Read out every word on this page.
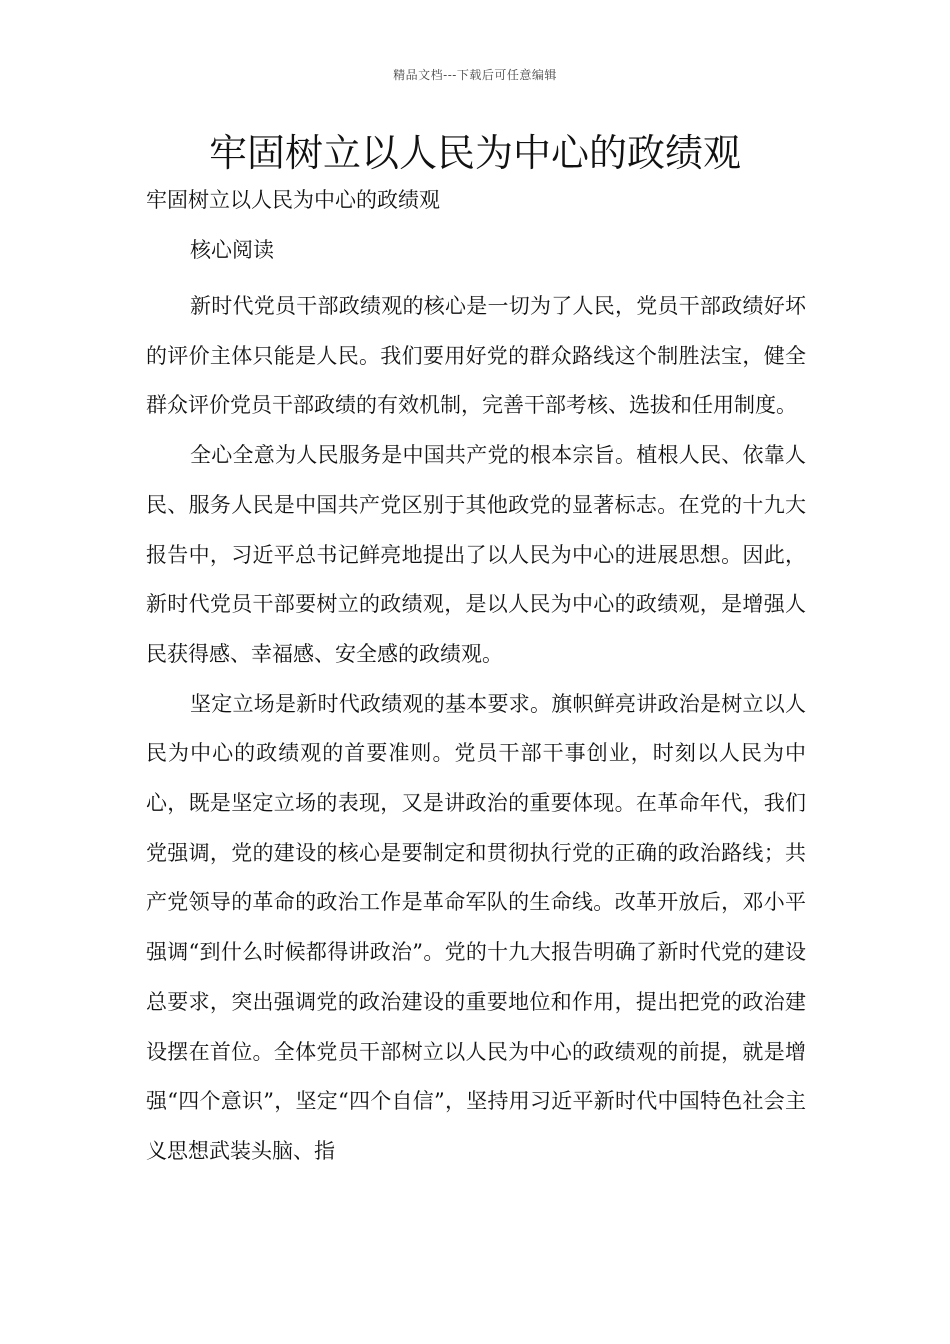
精品文档---下载后可任意编辑
牢固树立以人民为中心的政绩观
牢固树立以人民为中心的政绩观
核心阅读

新时代党员干部政绩观的核心是一切为了人民，党员干部政绩好坏的评价主体只能是人民。我们要用好党的群众路线这个制胜法宝，健全群众评价党员干部政绩的有效机制，完善干部考核、选拔和任用制度。

全心全意为人民服务是中国共产党的根本宗旨。植根人民、依靠人民、服务人民是中国共产党区别于其他政党的显著标志。在党的十九大报告中，习近平总书记鲜亮地提出了以人民为中心的进展思想。因此，新时代党员干部要树立的政绩观，是以人民为中心的政绩观，是增强人民获得感、幸福感、安全感的政绩观。

坚定立场是新时代政绩观的基本要求。旗帜鲜亮讲政治是树立以人民为中心的政绩观的首要准则。党员干部干事创业，时刻以人民为中心，既是坚定立场的表现，又是讲政治的重要体现。在革命年代，我们党强调，党的建设的核心是要制定和贯彻执行党的正确的政治路线；共产党领导的革命的政治工作是革命军队的生命线。改革开放后，邓小平强调“到什么时候都得讲政治”。党的十九大报告明确了新时代党的建设总要求，突出强调党的政治建设的重要地位和作用，提出把党的政治建设摆在首位。全体党员干部树立以人民为中心的政绩观的前提，就是增强“四个意识”，坚定“四个自信”，坚持用习近平新时代中国特色社会主义思想武装头脑、指
